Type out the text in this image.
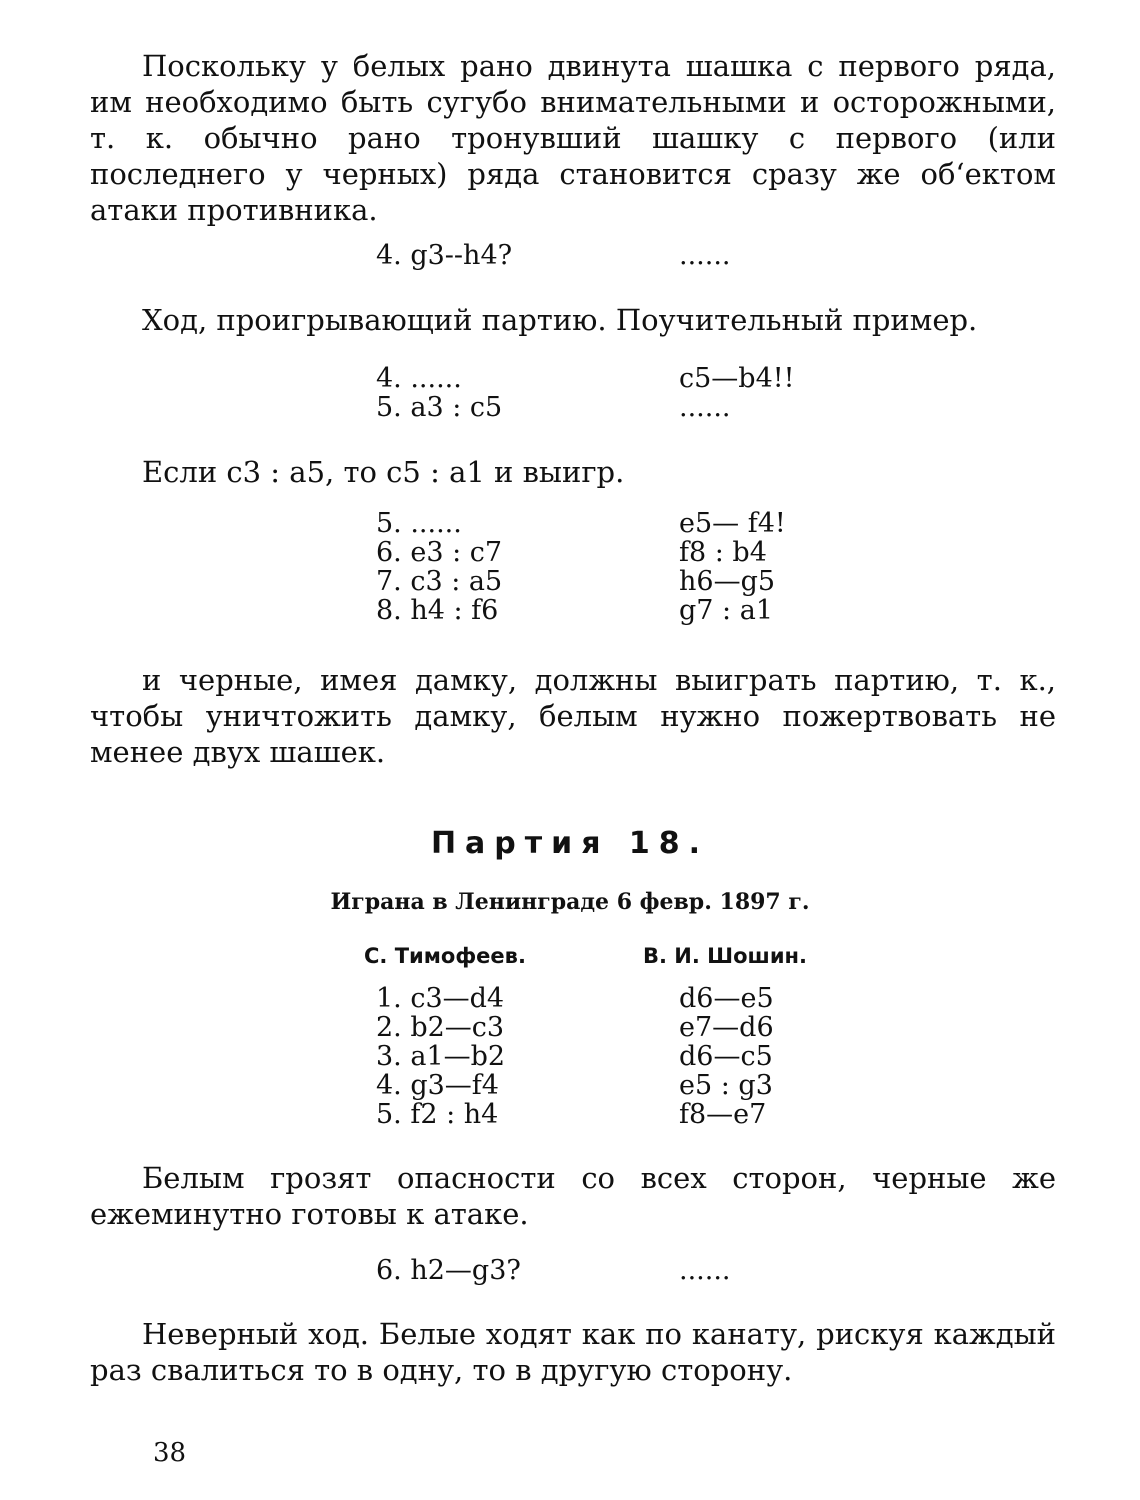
Поскольку у белых рано двинута шашка с первого ряда, им необходимо быть сугубо внимательными и осторожными, т. к. обычно рано тронувший шашку с первого (или последнего у черных) ряда становится сразу же об‘ектом атаки противника.

4. g3--h4?	......

Ход, проигрывающий партию. Поучительный пример.

4. ......	c5—b4!!
5. а3 : c5	......

Если с3 : а5, то с5 : а1 и выигр.

5. ......	e5— f4!
6. e3 : c7	f8 : b4
7. c3 : a5	h6—g5
8. h4 : f6	g7 : a1

и черные, имея дамку, должны выиграть партию, т. к., чтобы уничтожить дамку, белым нужно пожертвовать не менее двух шашек.

Партия 18.
Играна в Ленинграде 6 февр. 1897 г.
С. Тимофеев.	В. И. Шошин.
1. c3—d4	d6—e5
2. b2—c3	e7—d6
3. a1—b2	d6—c5
4. g3—f4	e5 : g3
5. f2 : h4	f8—e7

Белым грозят опасности со всех сторон, черные же ежеминутно готовы к атаке.

6. h2—g3?	......

Неверный ход. Белые ходят как по канату, рискуя каждый раз свалиться то в одну, то в другую сторону.

38
